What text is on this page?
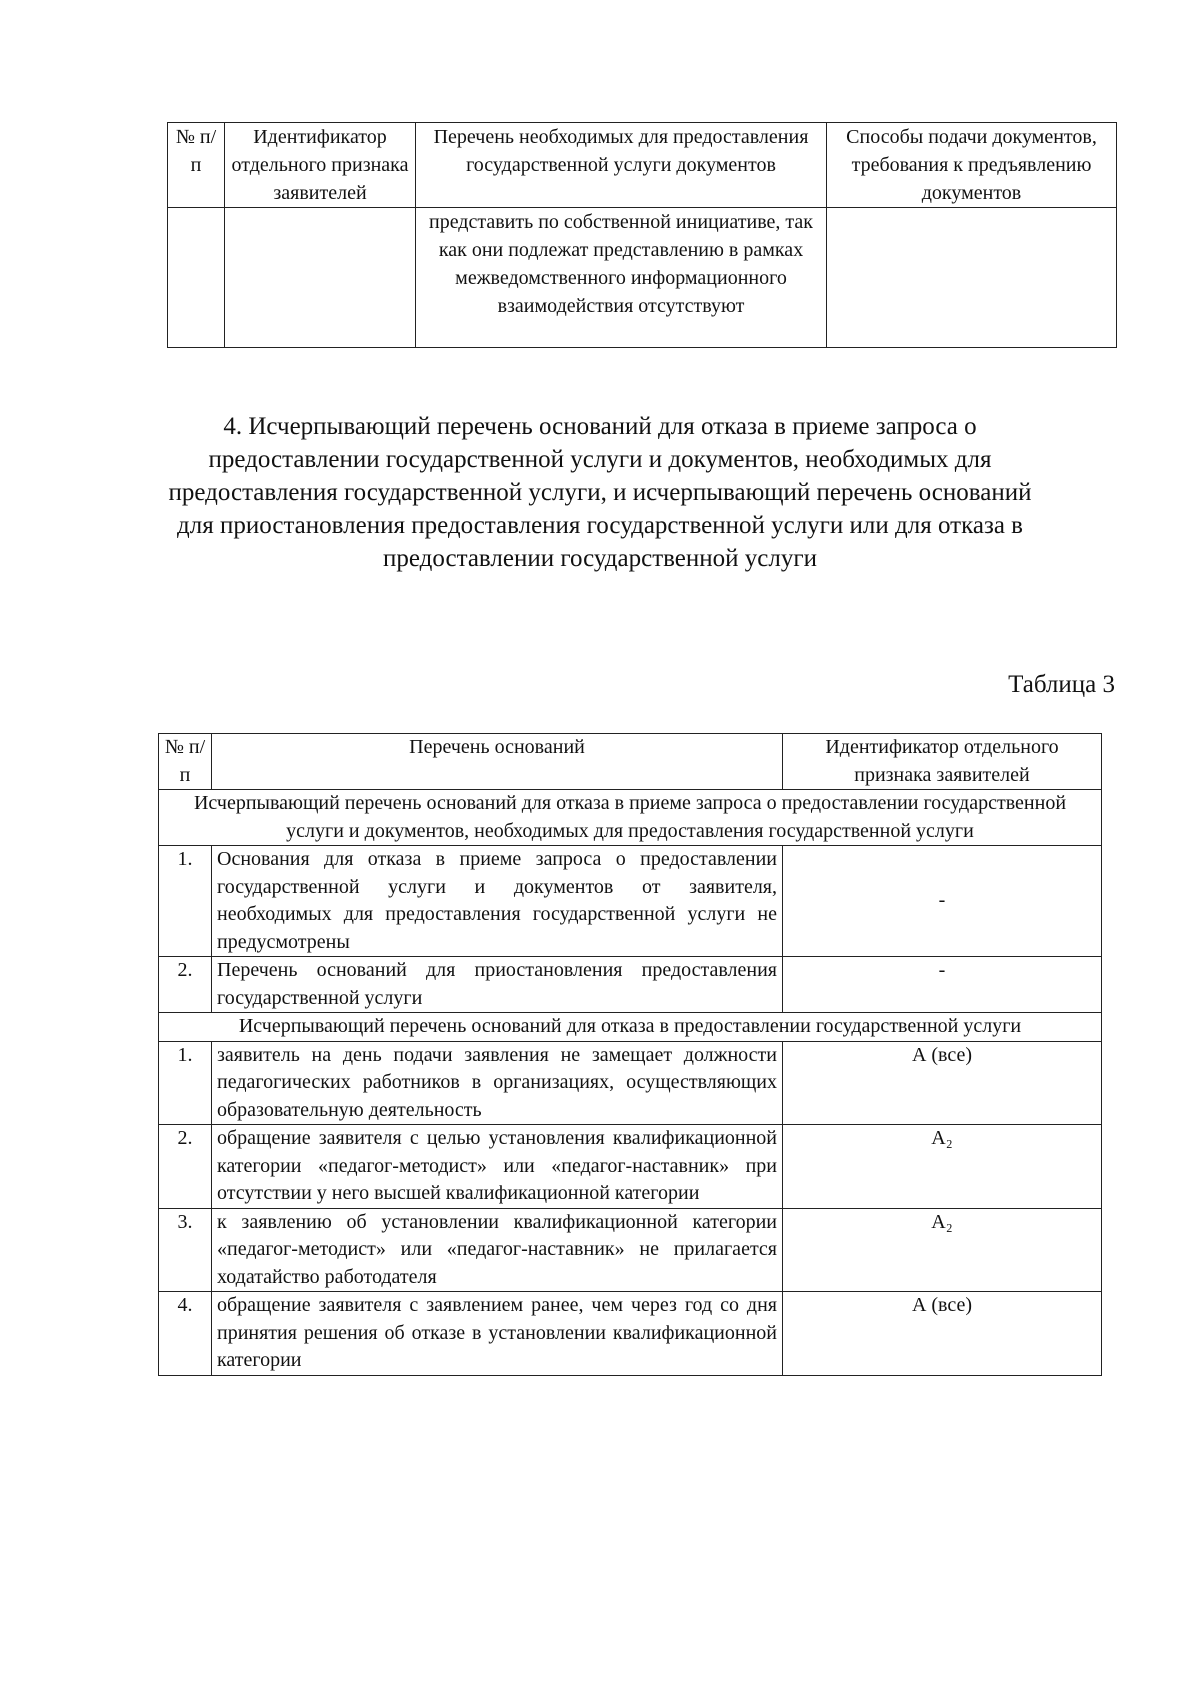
№ п/п	Идентификатор отдельного признака заявителей	Перечень необходимых для предоставления государственной услуги документов	Способы подачи документов, требования к предъявлению документов
		представить по собственной инициативе, так как они подлежат представлению в рамках межведомственного информационного взаимодействия отсутствуют	
4. Исчерпывающий перечень оснований для отказа в приеме запроса о предоставлении государственной услуги и документов, необходимых для предоставления государственной услуги, и исчерпывающий перечень оснований для приостановления предоставления государственной услуги или для отказа в предоставлении государственной услуги
Таблица 3
№ п/п	Перечень оснований	Идентификатор отдельного признака заявителей
Исчерпывающий перечень оснований для отказа в приеме запроса о предоставлении государственной услуги и документов, необходимых для предоставления государственной услуги		
1.	Основания для отказа в приеме запроса о предоставлении государственной услуги и документов от заявителя, необходимых для предоставления государственной услуги не предусмотрены	-
2.	Перечень оснований для приостановления предоставления государственной услуги	-
Исчерпывающий перечень оснований для отказа в предоставлении государственной услуги		
1.	заявитель на день подачи заявления не замещает должности педагогических работников в организациях, осуществляющих образовательную деятельность	А (все)
2.	обращение заявителя с целью установления квалификационной категории «педагог-методист» или «педагог-наставник» при отсутствии у него высшей квалификационной категории	А₂
3.	к заявлению об установлении квалификационной категории «педагог-методист» или «педагог-наставник» не прилагается ходатайство работодателя	А₂
4.	обращение заявителя с заявлением ранее, чем через год со дня принятия решения об отказе в установлении квалификационной категории	А (все)
